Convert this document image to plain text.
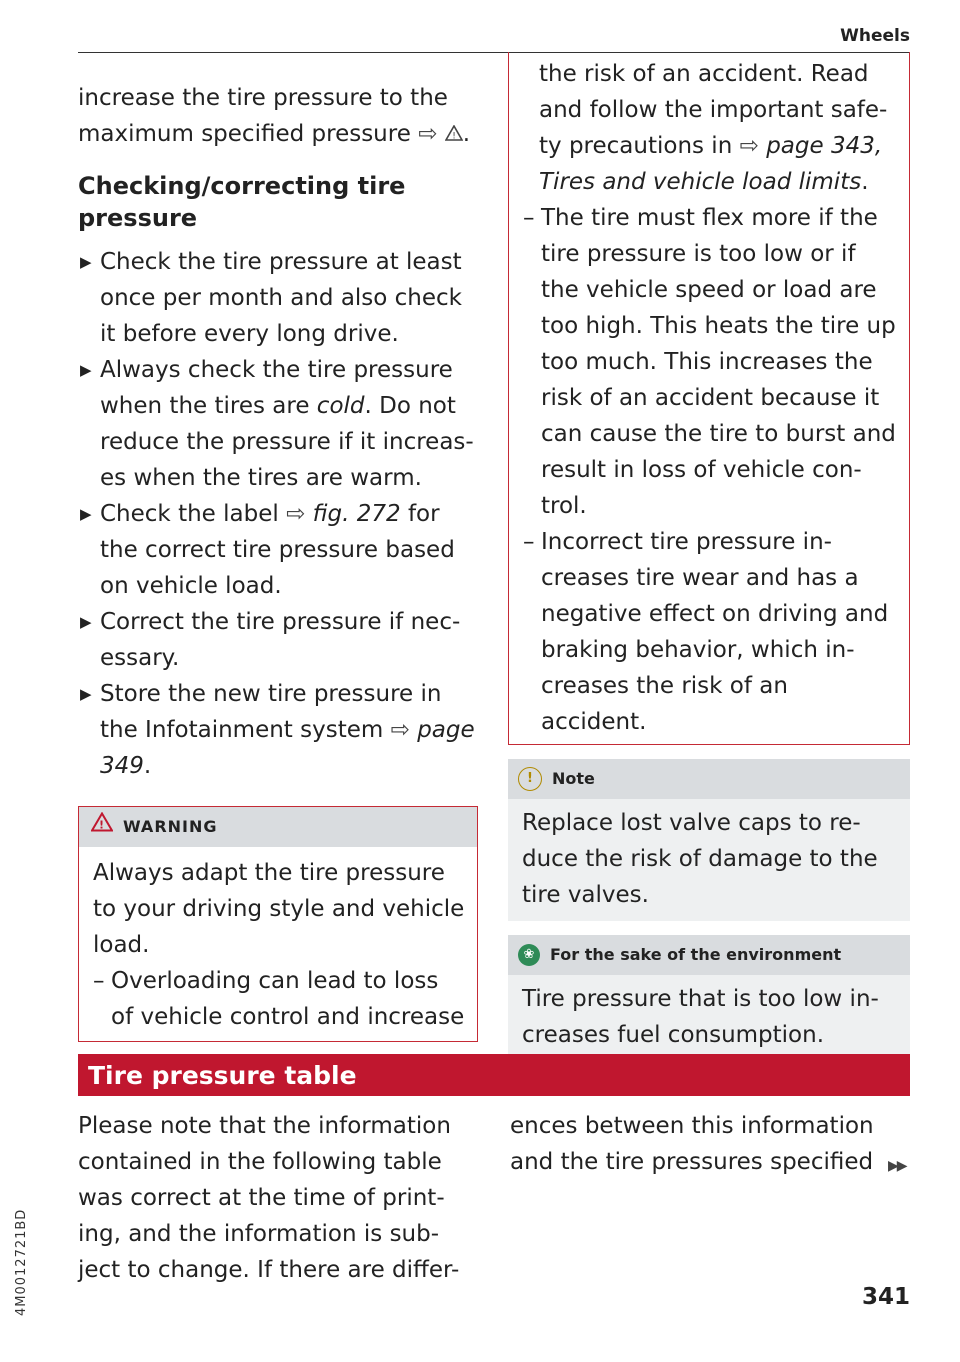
Wheels

increase the tire pressure to the

maximum specified pressure ⇨ ! .

Checking/correcting tire
pressure
▶ Check the tire pressure at least once per month and also check it before every long drive.
▶ Always check the tire pressure when the tires are cold. Do not reduce the pressure if it increas- es when the tires are warm.
▶ Check the label ⇨ fig. 272 for the correct tire pressure based on vehicle load.
▶ Correct the tire pressure if nec- essary.
▶ Store the new tire pressure in the Infotainment system ⇨ page 349.
! WARNING

Always adapt the tire pressure to your driving style and vehicle load.

– Overloading can lead to loss of vehicle control and increase

the risk of an accident. Read and follow the important safe- ty precautions in ⇨ page 343, Tires and vehicle load limits.

– The tire must flex more if the tire pressure is too low or if the vehicle speed or load are too high. This heats the tire up too much. This increases the risk of an accident because it can cause the tire to burst and result in loss of vehicle con- trol.
– Incorrect tire pressure in- creases tire wear and has a negative effect on driving and braking behavior, which in- creases the risk of an accident.
!	Note
Replace lost valve caps to re- duce the risk of damage to the tire valves.
❀ For the sake of the environment
Tire pressure that is too low in- creases fuel consumption.
Tire pressure table
Please note that the information contained in the following table was correct at the time of print- ing, and the information is sub- ject to change. If there are differ-
ences between this information and the tire pressures specified	▶▶
4M0012721BD	341
